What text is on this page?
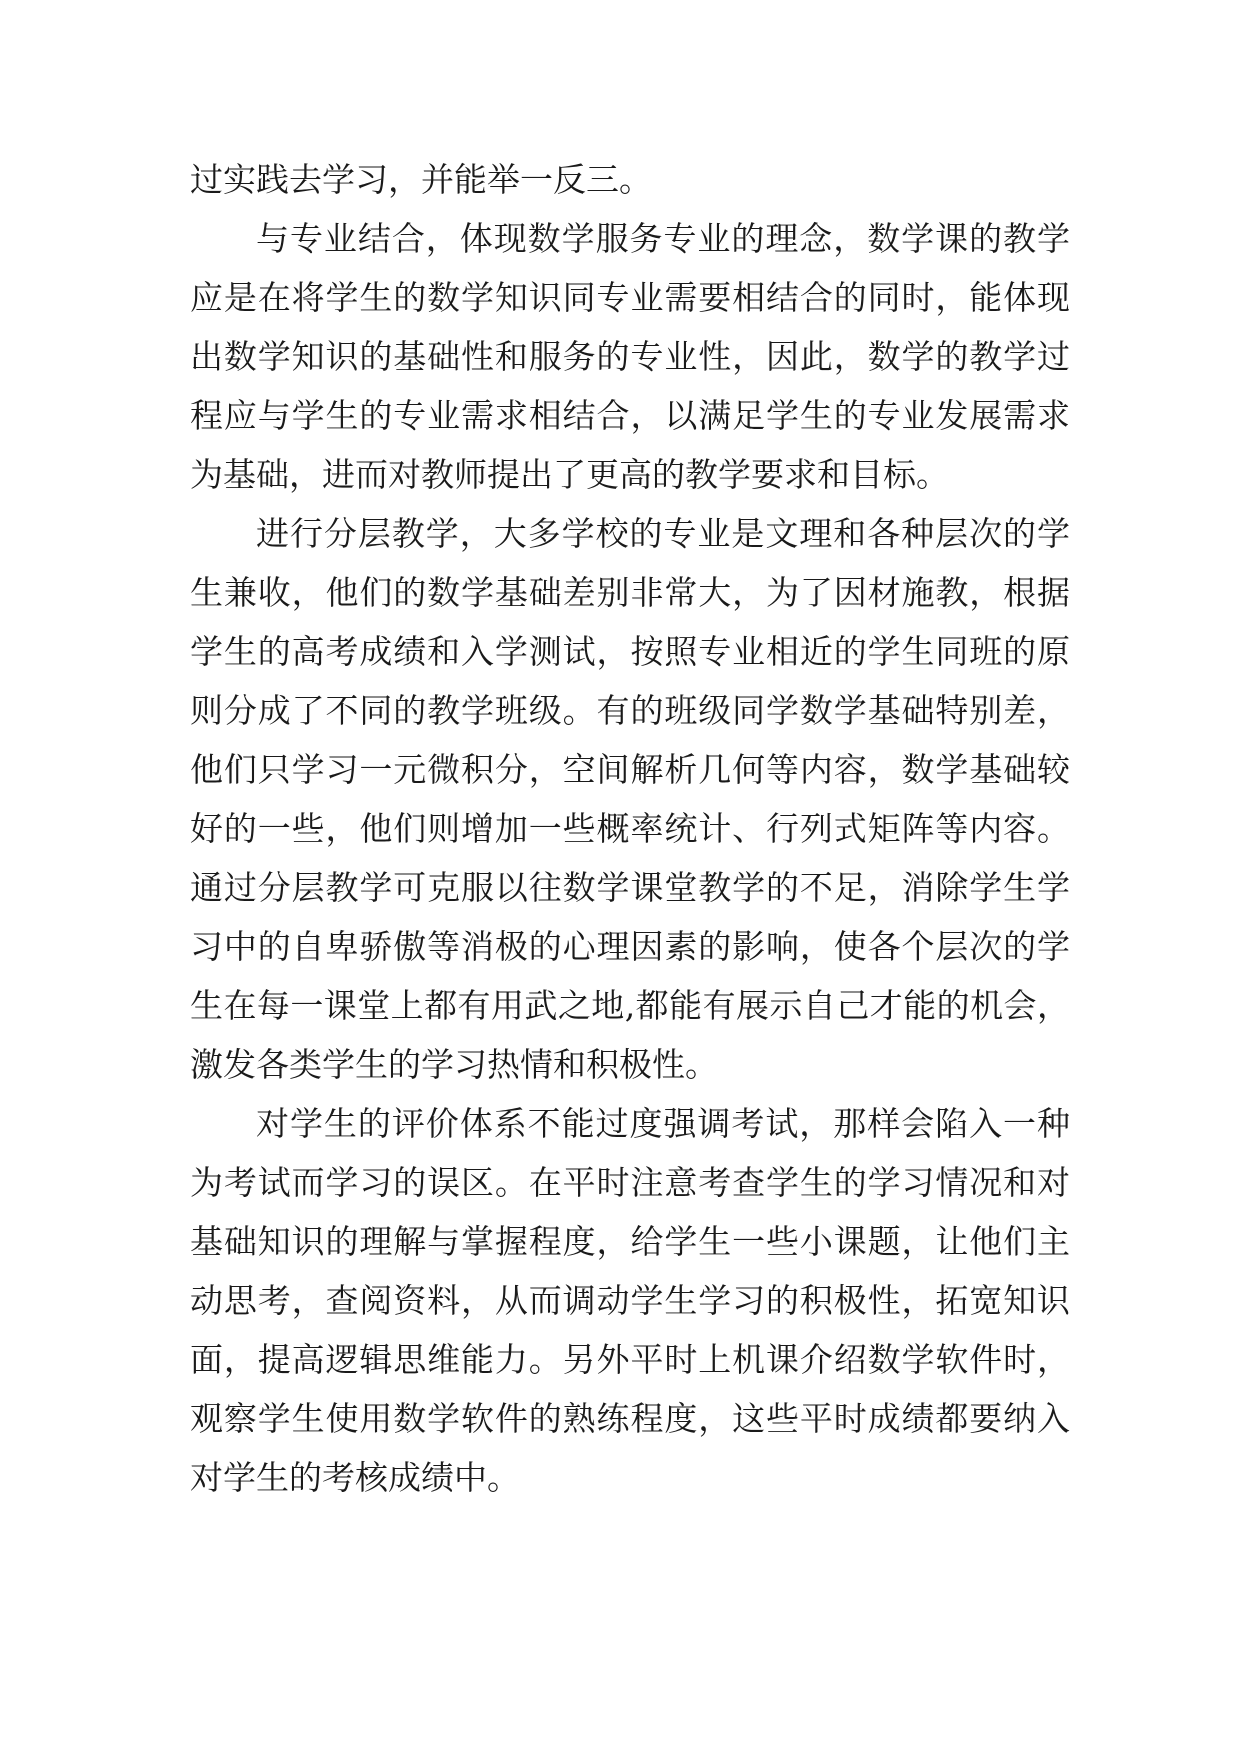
过实践去学习，并能举一反三。
与专业结合，体现数学服务专业的理念，数学课的教学
应是在将学生的数学知识同专业需要相结合的同时，能体现
出数学知识的基础性和服务的专业性，因此，数学的教学过
程应与学生的专业需求相结合，以满足学生的专业发展需求
为基础，进而对教师提出了更高的教学要求和目标。
进行分层教学，大多学校的专业是文理和各种层次的学
生兼收，他们的数学基础差别非常大，为了因材施教，根据
学生的高考成绩和入学测试，按照专业相近的学生同班的原
则分成了不同的教学班级。有的班级同学数学基础特别差，
他们只学习一元微积分，空间解析几何等内容，数学基础较
好的一些，他们则增加一些概率统计、行列式矩阵等内容。
通过分层教学可克服以往数学课堂教学的不足，消除学生学
习中的自卑骄傲等消极的心理因素的影响，使各个层次的学
生在每一课堂上都有用武之地,都能有展示自己才能的机会，
激发各类学生的学习热情和积极性。
对学生的评价体系不能过度强调考试，那样会陷入一种
为考试而学习的误区。在平时注意考查学生的学习情况和对
基础知识的理解与掌握程度，给学生一些小课题，让他们主
动思考，查阅资料，从而调动学生学习的积极性，拓宽知识
面，提高逻辑思维能力。另外平时上机课介绍数学软件时，
观察学生使用数学软件的熟练程度，这些平时成绩都要纳入
对学生的考核成绩中。
